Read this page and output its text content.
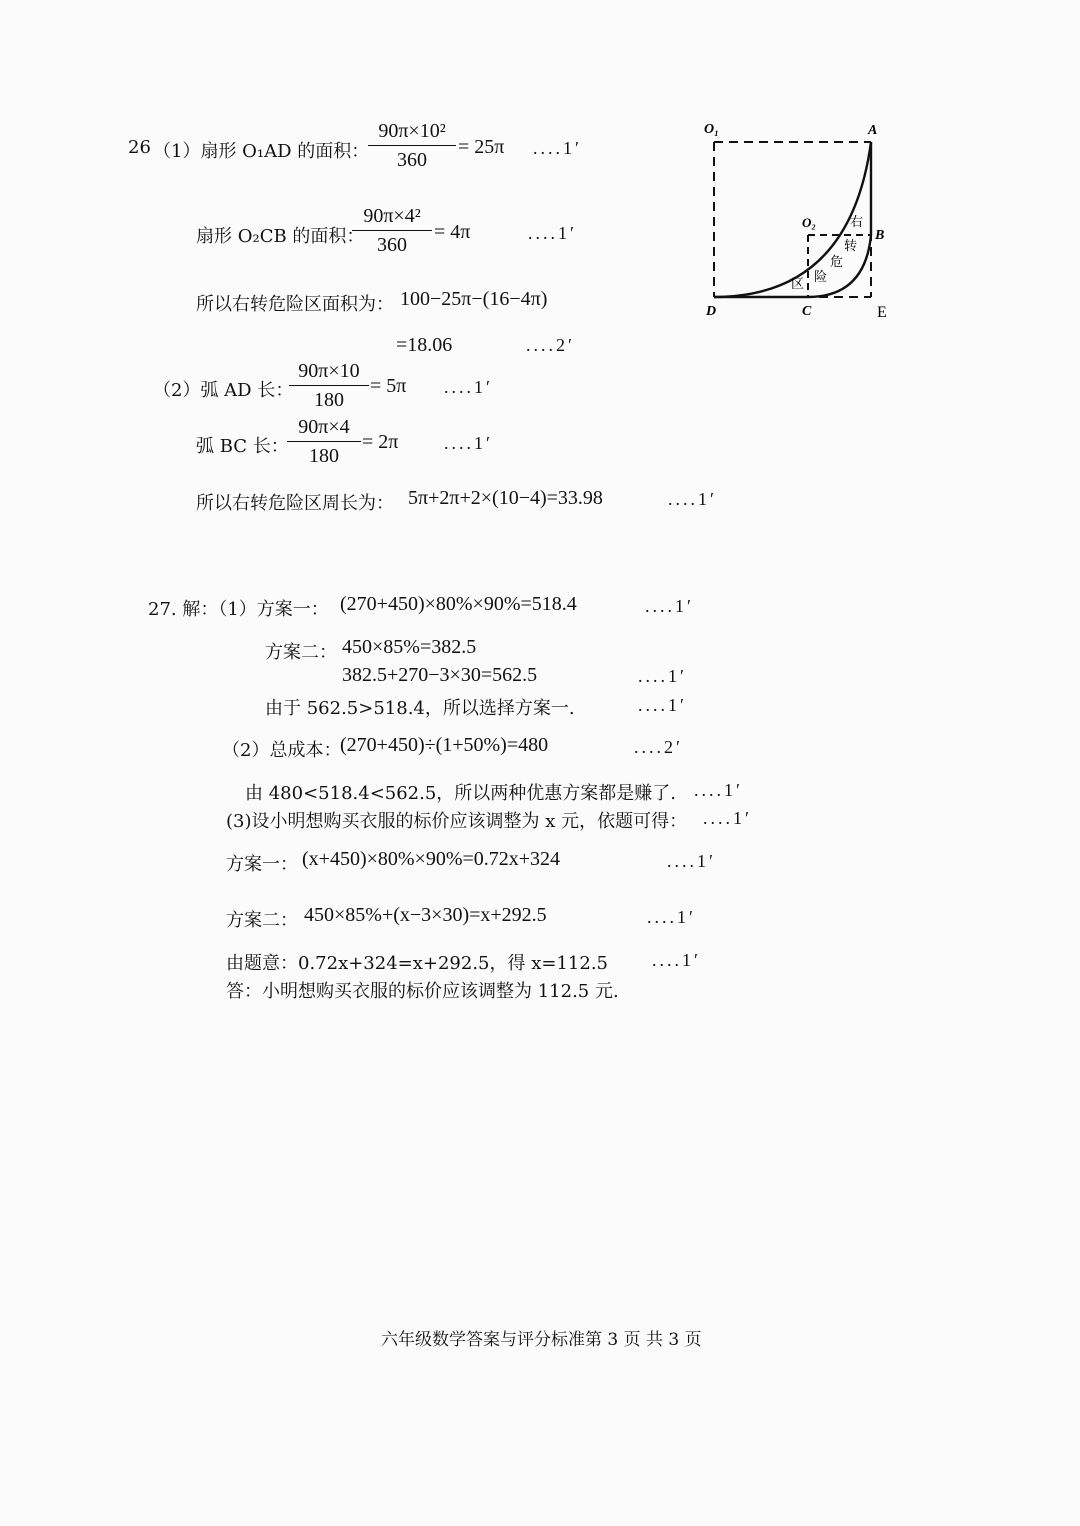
26 （1）扇形 O₁AD 的面积：
90π×10²
360
= 25π ....1′
扇形 O₂CB 的面积：
90π×4²
360
= 4π	....1′
所以右转危险区面积为： 100−25π−(16−4π)
=18.06	....2′
（2）弧 AD 长：
90π×10
180
= 5π ....1′
弧 BC 长：
90π×4
180
= 2π	....1′
所以右转危险区周长为： 5π+2π+2×(10−4)=33.98	....1′
O₁	A
O₂
B
D	C	E
右
转
危
险
区
27. 解：（1）方案一： (270+450)×80%×90%=518.4	....1′
方案二： 450×85%=382.5
382.5+270−3×30=562.5	....1′
由于 562.5>518.4，所以选择方案一.	....1′
（2）总成本：
(270+450)÷(1+50%)=480	....2′
由 480<518.4<562.5，所以两种优惠方案都是赚了. ....1′
(3)设小明想购买衣服的标价应该调整为 x 元，依题可得： ....1′
方案一： (x+450)×80%×90%=0.72x+324	....1′
方案二： 450×85%+(x−3×30)=x+292.5	....1′
由题意：0.72x+324=x+292.5，得 x=112.5 ....1′
答：小明想购买衣服的标价应该调整为 112.5 元.
六年级数学答案与评分标准第 3 页 共 3 页
